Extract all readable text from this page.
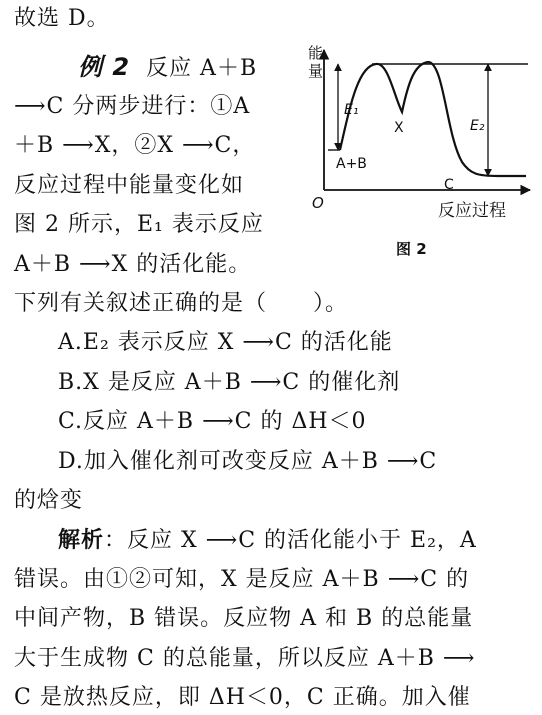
故选 D。

例 2 反应 A＋B

⟶C 分两步进行：①A

＋B ⟶X，②X ⟶C，

反应过程中能量变化如

图 2 所示，E₁ 表示反应

A＋B ⟶X 的活化能。

下列有关叙述正确的是（　　）。

A.E₂ 表示反应 X ⟶C 的活化能

B.X 是反应 A＋B ⟶C 的催化剂

C.反应 A＋B ⟶C 的 ΔH＜0

D.加入催化剂可改变反应 A＋B ⟶C

的焓变

解析：反应 X ⟶C 的活化能小于 E₂，A

错误。由①②可知，X 是反应 A＋B ⟶C 的

中间产物，B 错误。反应物 A 和 B 的总能量

大于生成物 C 的总能量，所以反应 A＋B ⟶

C 是放热反应，即 ΔH＜0，C 正确。加入催

能
量
O	反应过程
E₁
E₂
A+B
X
C

图 2
